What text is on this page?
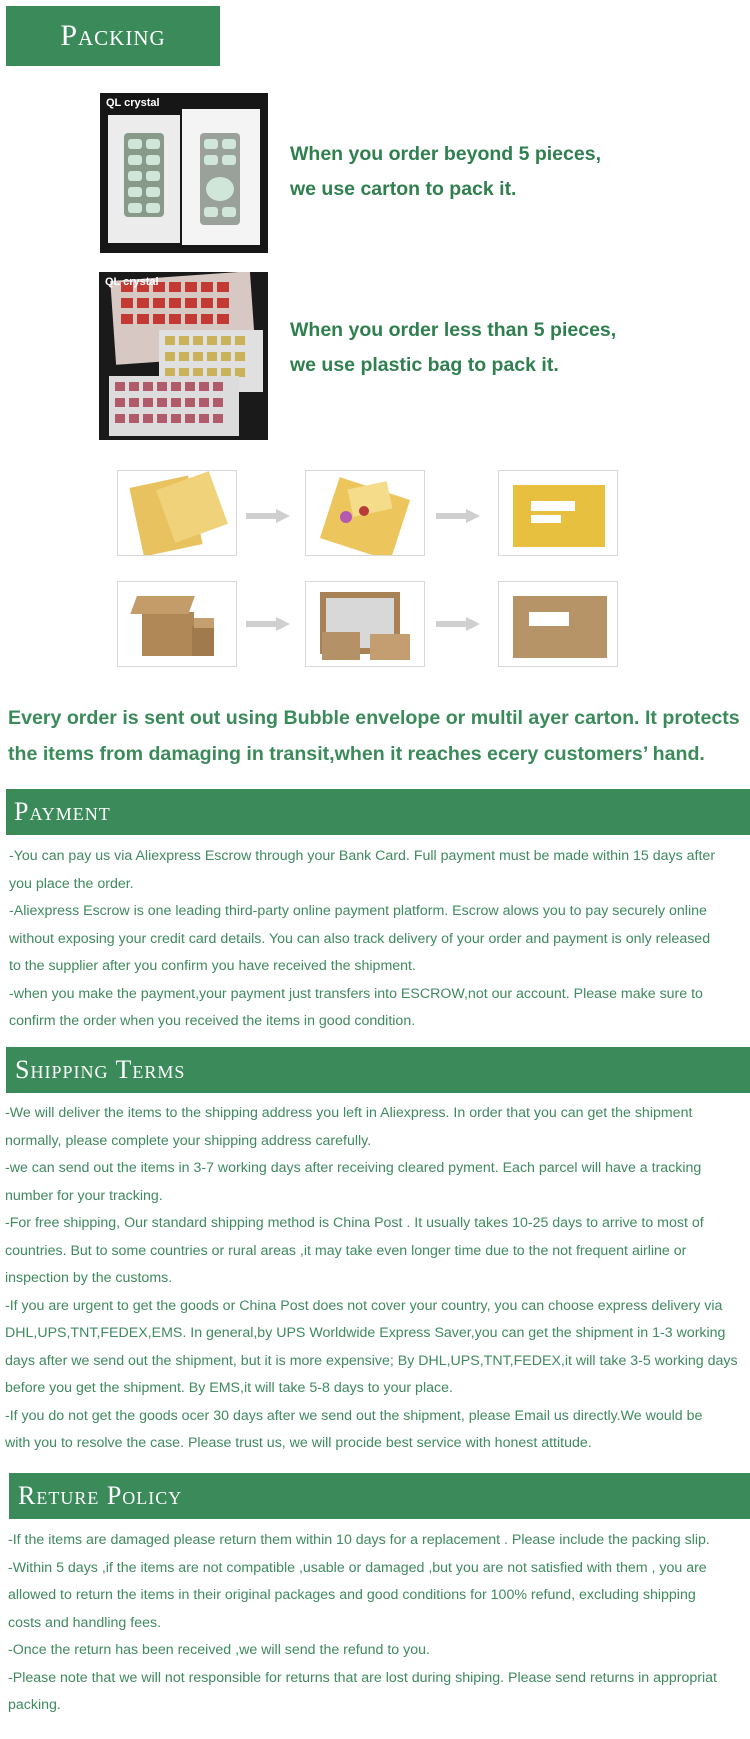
Packing
QL crystal
When you order beyond 5 pieces,
we use carton to pack it.
QL crystal
When you order less than 5 pieces,
we use plastic bag to pack it.
Every order is sent out using Bubble envelope or multil ayer carton. It protects
the items from damaging in transit,when it reaches ecery customers’ hand.
Payment

-You can pay us via Aliexpress Escrow through your Bank Card. Full payment must be made within 15 days after

you place the order.

-Aliexpress Escrow is one leading third-party online payment platform. Escrow alows you to pay securely online

without exposing your credit card details. You can also track delivery of your order and payment is only released

to the supplier after you confirm you have received the shipment.

-when you make the payment,your payment just transfers into ESCROW,not our account. Please make sure to

confirm the order when you received the items in good condition.

Shipping Terms

-We will deliver the items to the shipping address you left in Aliexpress. In order that you can get the shipment

normally, please complete your shipping address carefully.

-we can send out the items in 3-7 working days after receiving cleared pyment. Each parcel will have a tracking

number for your tracking.

-For free shipping, Our standard shipping method is China Post . It usually takes 10-25 days to arrive to most of

countries. But to some countries or rural areas ,it may take even longer time due to the not frequent airline or

inspection by the customs.

-If you are urgent to get the goods or China Post does not cover your country, you can choose express delivery via

DHL,UPS,TNT,FEDEX,EMS. In general,by UPS Worldwide Express Saver,you can get the shipment in 1-3 working

days after we send out the shipment, but it is more expensive; By DHL,UPS,TNT,FEDEX,it will take 3-5 working days

before you get the shipment. By EMS,it will take 5-8 days to your place.

-If you do not get the goods ocer 30 days after we send out the shipment, please Email us directly.We would be

with you to resolve the case. Please trust us, we will procide best service with honest attitude.

Reture Policy

-If the items are damaged please return them within 10 days for a replacement . Please include the packing slip.

-Within 5 days ,if the items are not compatible ,usable or damaged ,but you are not satisfied with them , you are

allowed to return the items in their original packages and good conditions for 100% refund, excluding shipping

costs and handling fees.

-Once the return has been received ,we will send the refund to you.

-Please note that we will not responsible for returns that are lost during shiping. Please send returns in appropriat

packing.
